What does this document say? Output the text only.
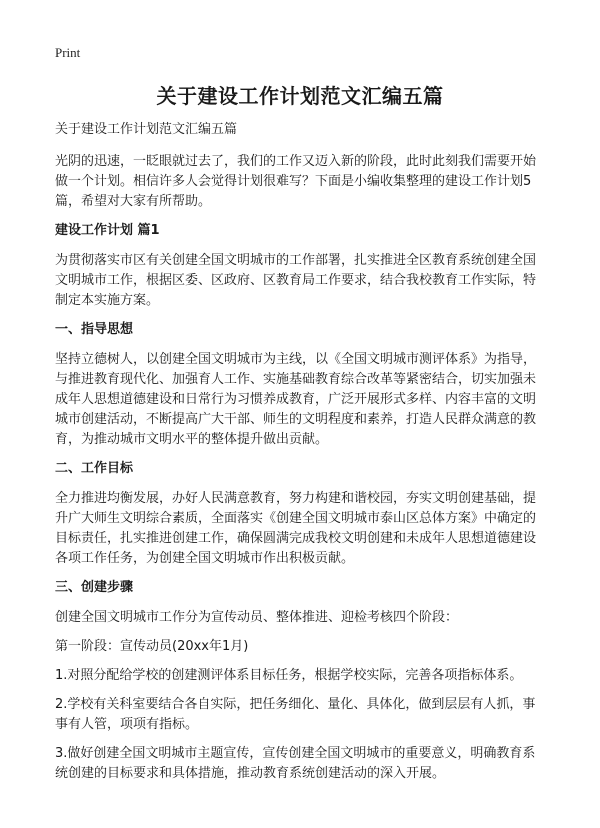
Print
关于建设工作计划范文汇编五篇

关于建设工作计划范文汇编五篇

光阴的迅速，一眨眼就过去了，我们的工作又迈入新的阶段，此时此刻我们需要开始做一个计划。相信许多人会觉得计划很难写？下面是小编收集整理的建设工作计划5篇，希望对大家有所帮助。

建设工作计划 篇1

为贯彻落实市区有关创建全国文明城市的工作部署，扎实推进全区教育系统创建全国文明城市工作，根据区委、区政府、区教育局工作要求，结合我校教育工作实际，特制定本实施方案。

一、指导思想

坚持立德树人，以创建全国文明城市为主线，以《全国文明城市测评体系》为指导，与推进教育现代化、加强育人工作、实施基础教育综合改革等紧密结合，切实加强未成年人思想道德建设和日常行为习惯养成教育，广泛开展形式多样、内容丰富的文明城市创建活动，不断提高广大干部、师生的文明程度和素养，打造人民群众满意的教育，为推动城市文明水平的整体提升做出贡献。

二、工作目标

全力推进均衡发展，办好人民满意教育，努力构建和谐校园，夯实文明创建基础，提升广大师生文明综合素质，全面落实《创建全国文明城市泰山区总体方案》中确定的目标责任，扎实推进创建工作，确保圆满完成我校文明创建和未成年人思想道德建设各项工作任务，为创建全国文明城市作出积极贡献。

三、创建步骤

创建全国文明城市工作分为宣传动员、整体推进、迎检考核四个阶段：

第一阶段：宣传动员(20xx年1月)

1.对照分配给学校的创建测评体系目标任务，根据学校实际，完善各项指标体系。

2.学校有关科室要结合各自实际，把任务细化、量化、具体化，做到层层有人抓，事事有人管，项项有指标。

3.做好创建全国文明城市主题宣传，宣传创建全国文明城市的重要意义，明确教育系统创建的目标要求和具体措施，推动教育系统创建活动的深入开展。
